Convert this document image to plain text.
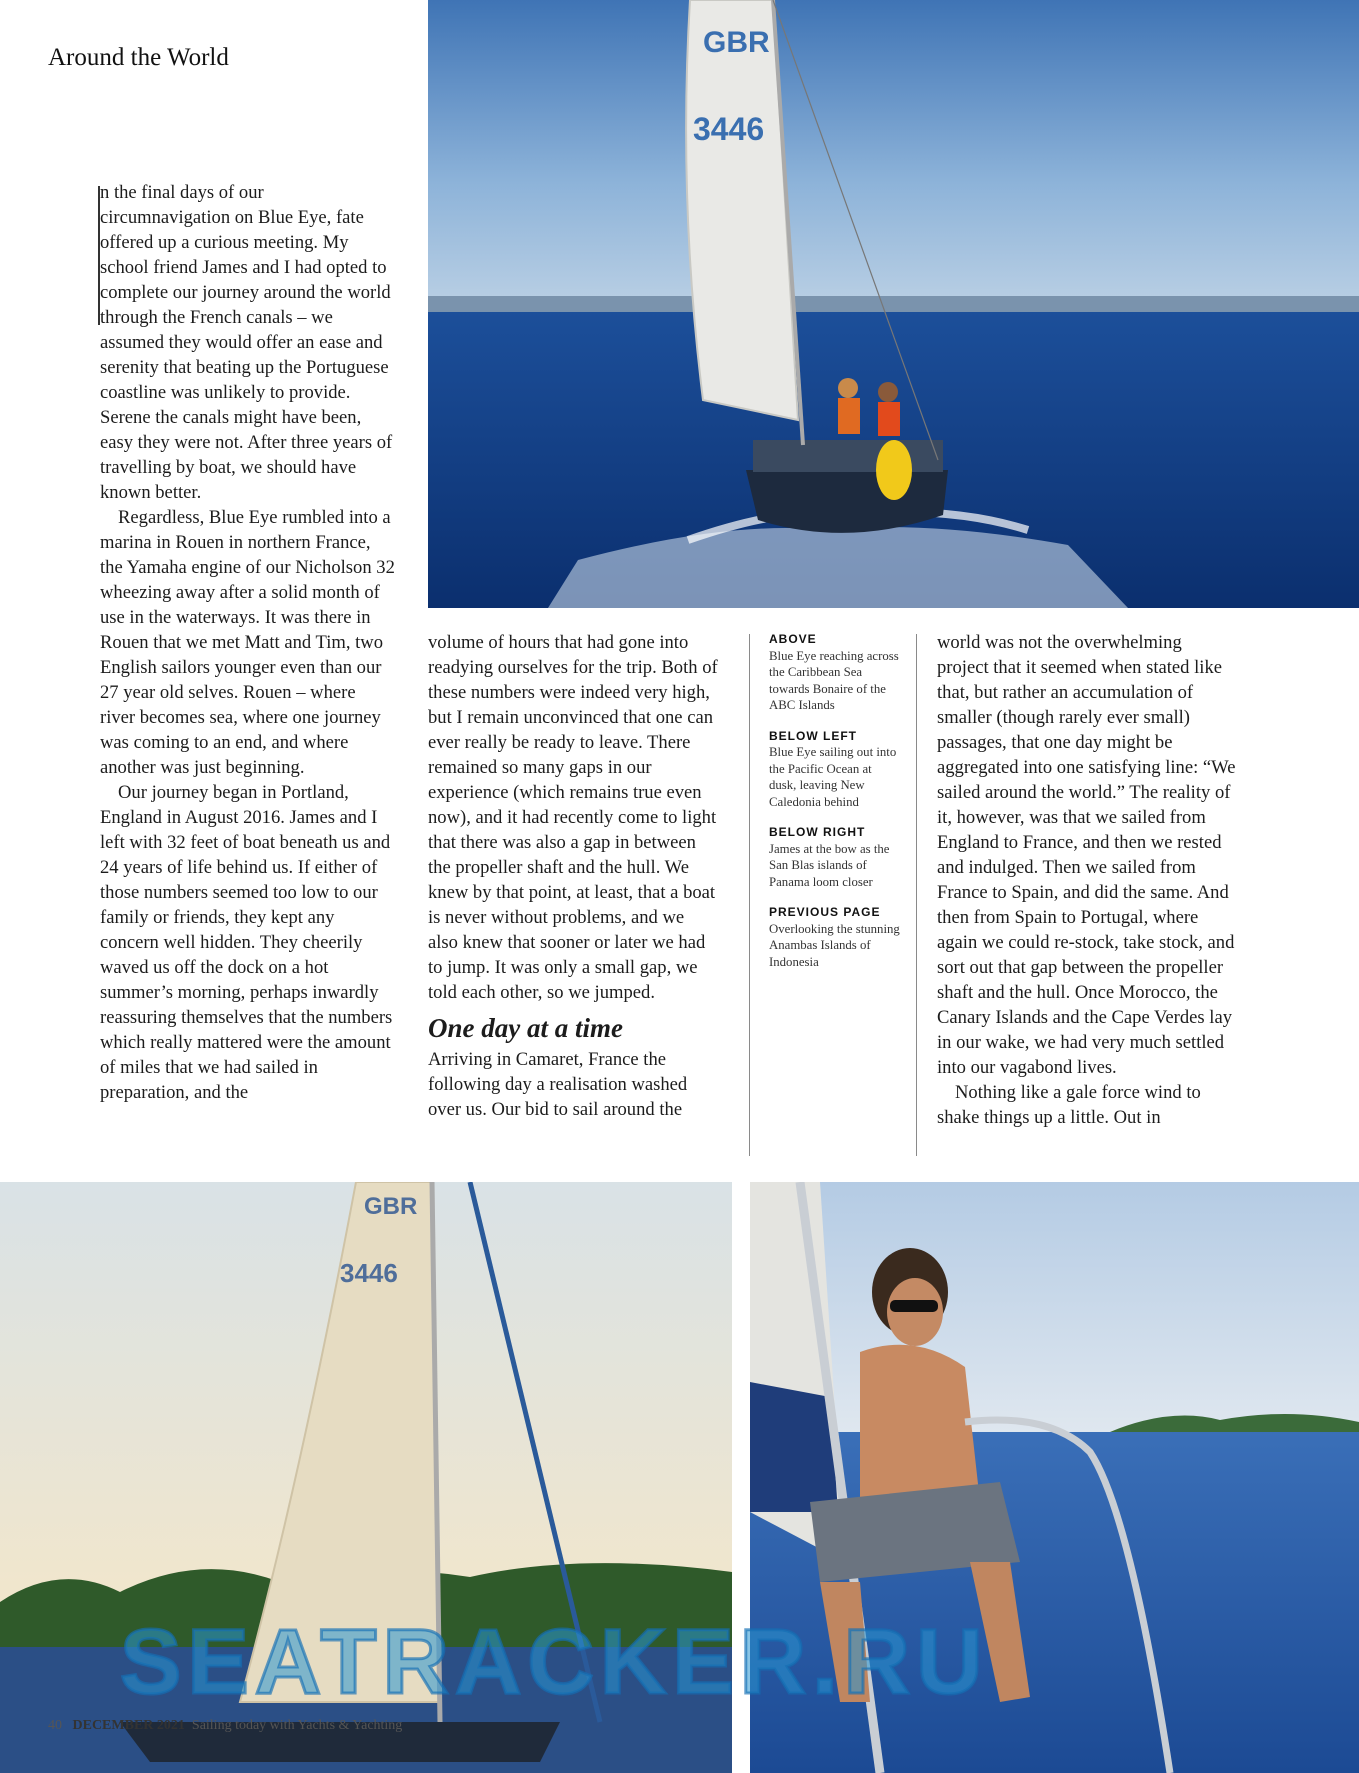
Around the World	GBR
3446

n the final days of our circumnavigation on Blue Eye, fate offered up a curious meeting. My school friend James and I had opted to complete our journey around the world through the French canals – we assumed they would offer an ease and serenity that beating up the Portuguese coastline was unlikely to provide. Serene the canals might have been, easy they were not. After three years of travelling by boat, we should have known better.

Regardless, Blue Eye rumbled into a marina in Rouen in northern France, the Yamaha engine of our Nicholson 32 wheezing away after a solid month of use in the waterways. It was there in Rouen that we met Matt and Tim, two English sailors younger even than our 27 year old selves. Rouen – where river becomes sea, where one journey was coming to an end, and where another was just beginning.

Our journey began in Portland, England in August 2016. James and I left with 32 feet of boat beneath us and 24 years of life behind us. If either of those numbers seemed too low to our family or friends, they kept any concern well hidden. They cheerily waved us off the dock on a hot summer’s morning, perhaps inwardly reassuring themselves that the numbers which really mattered were the amount of miles that we had sailed in preparation, and the

volume of hours that had gone into readying ourselves for the trip. Both of these numbers were indeed very high, but I remain unconvinced that one can ever really be ready to leave. There remained so many gaps in our experience (which remains true even now), and it had recently come to light that there was also a gap in between the propeller shaft and the hull. We knew by that point, at least, that a boat is never without problems, and we also knew that sooner or later we had to jump. It was only a small gap, we told each other, so we jumped.

One day at a time

Arriving in Camaret, France the following day a realisation washed over us. Our bid to sail around the

ABOVE
Blue Eye reaching across the Caribbean Sea towards Bonaire of the ABC Islands
BELOW LEFT
Blue Eye sailing out into the Pacific Ocean at dusk, leaving New Caledonia behind
BELOW RIGHT
James at the bow as the San Blas islands of Panama loom closer
PREVIOUS PAGE
Overlooking the stunning Anambas Islands of Indonesia

world was not the overwhelming project that it seemed when stated like that, but rather an accumulation of smaller (though rarely ever small) passages, that one day might be aggregated into one satisfying line: “We sailed around the world.” The reality of it, however, was that we sailed from England to France, and then we rested and indulged. Then we sailed from France to Spain, and did the same. And then from Spain to Portugal, where again we could re-stock, take stock, and sort out that gap between the propeller shaft and the hull. Once Morocco, the Canary Islands and the Cape Verdes lay in our wake, we had very much settled into our vagabond lives.

Nothing like a gale force wind to shake things up a little. Out in

GBR
3446
40 DECEMBER 2021 Sailing today with Yachts & Yachting
SEATRACKER.RU
